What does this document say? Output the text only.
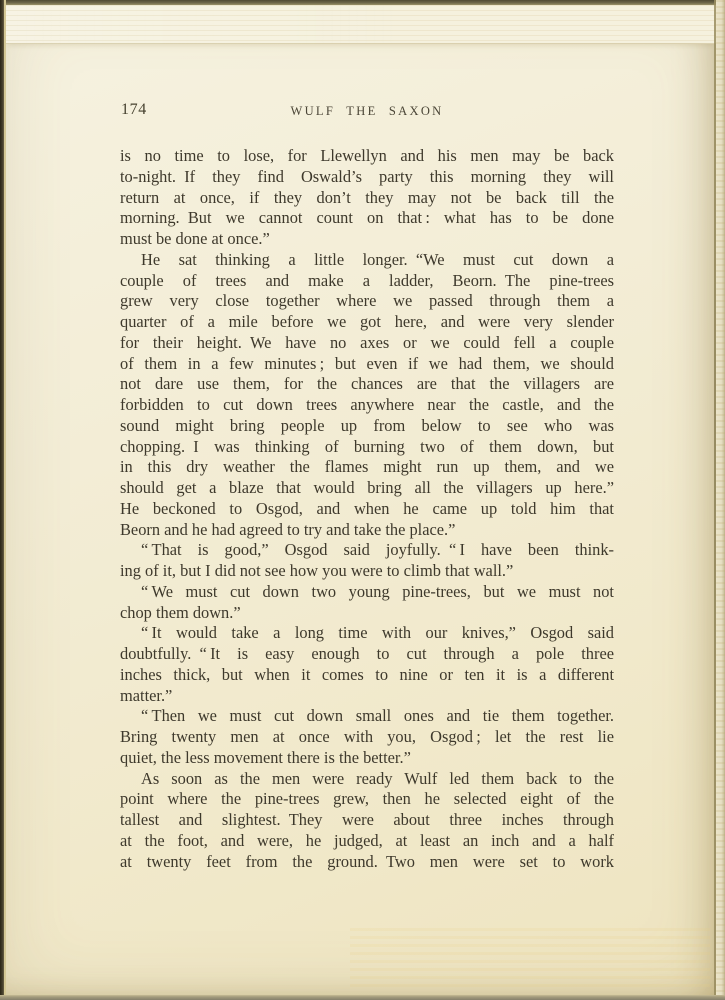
174	WULF THE SAXON
is no time to lose, for Llewellyn and his men may be back
to-night. If they find Oswald’s party this morning they will
return at once, if they don’t they may not be back till the
morning. But we cannot count on that : what has to be done
must be done at once.”
He sat thinking a little longer. “We must cut down a
couple of trees and make a ladder, Beorn. The pine-trees
grew very close together where we passed through them a
quarter of a mile before we got here, and were very slender
for their height. We have no axes or we could fell a couple
of them in a few minutes ; but even if we had them, we should
not dare use them, for the chances are that the villagers are
forbidden to cut down trees anywhere near the castle, and the
sound might bring people up from below to see who was
chopping. I was thinking of burning two of them down, but
in this dry weather the flames might run up them, and we
should get a blaze that would bring all the villagers up here.”
He beckoned to Osgod, and when he came up told him that
Beorn and he had agreed to try and take the place.”
“ That is good,” Osgod said joyfully. “ I have been think-
ing of it, but I did not see how you were to climb that wall.”
“ We must cut down two young pine-trees, but we must not
chop them down.”
“ It would take a long time with our knives,” Osgod said
doubtfully. “ It is easy enough to cut through a pole three
inches thick, but when it comes to nine or ten it is a different
matter.”
“ Then we must cut down small ones and tie them together.
Bring twenty men at once with you, Osgod ; let the rest lie
quiet, the less movement there is the better.”
As soon as the men were ready Wulf led them back to the
point where the pine-trees grew, then he selected eight of the
tallest and slightest. They were about three inches through
at the foot, and were, he judged, at least an inch and a half
at twenty feet from the ground. Two men were set to work
